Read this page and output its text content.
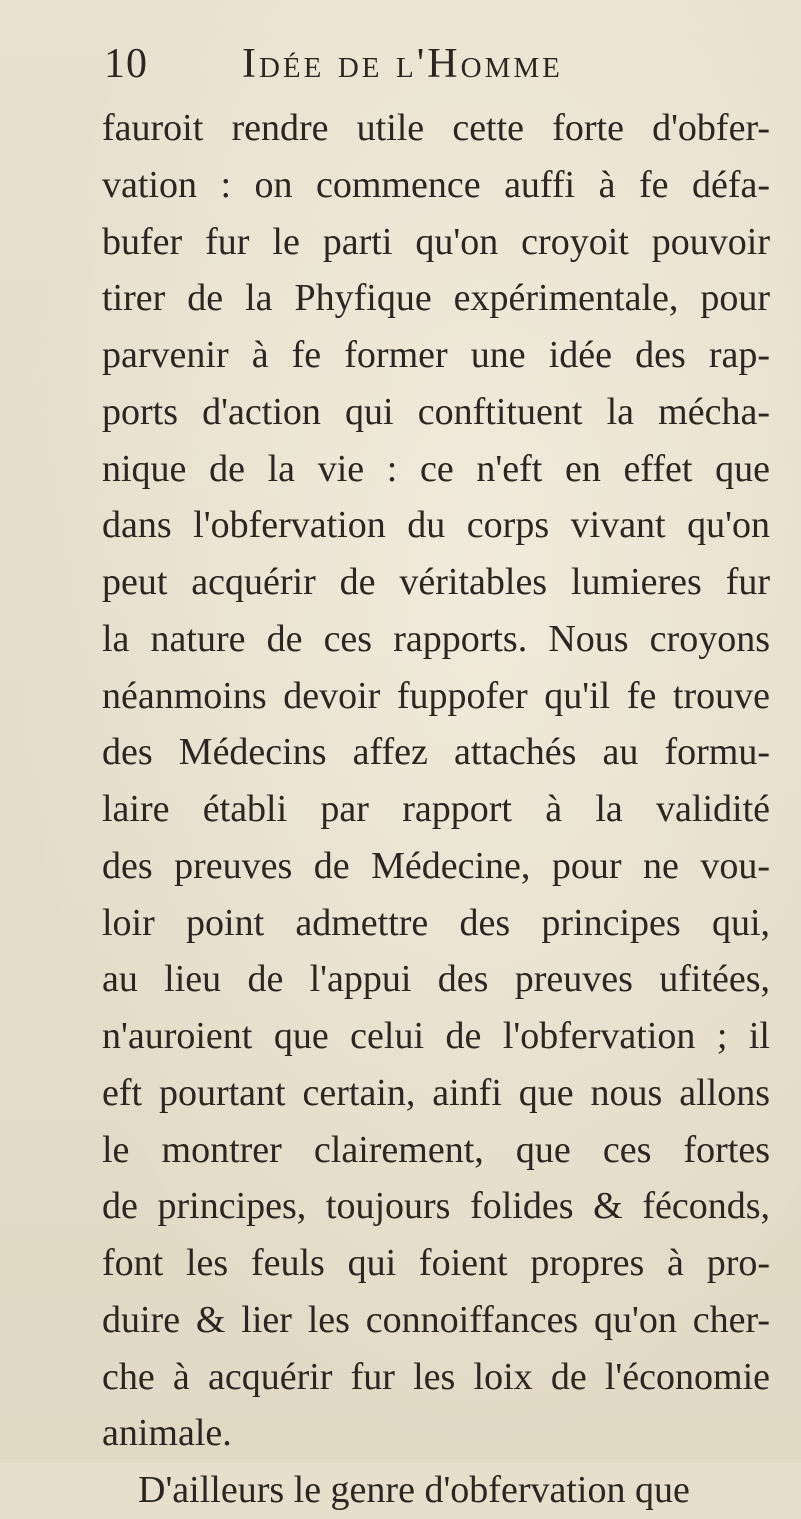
10	Idée de l'Homme
fauroit rendre utile cette forte d'obfer-
vation : on commence auffi à fe défa-
bufer fur le parti qu'on croyoit pouvoir
tirer de la Phyfique expérimentale, pour
parvenir à fe former une idée des rap-
ports d'action qui conftituent la mécha-
nique de la vie : ce n'eft en effet que
dans l'obfervation du corps vivant qu'on
peut acquérir de véritables lumieres fur
la nature de ces rapports. Nous croyons
néanmoins devoir fuppofer qu'il fe trouve
des Médecins affez attachés au formu-
laire établi par rapport à la validité
des preuves de Médecine, pour ne vou-
loir point admettre des principes qui,
au lieu de l'appui des preuves ufitées,
n'auroient que celui de l'obfervation ; il
eft pourtant certain, ainfi que nous allons
le montrer clairement, que ces fortes
de principes, toujours folides & féconds,
font les feuls qui foient propres à pro-
duire & lier les connoiffances qu'on cher-
che à acquérir fur les loix de l'économie
animale.
D'ailleurs le genre d'obfervation que
